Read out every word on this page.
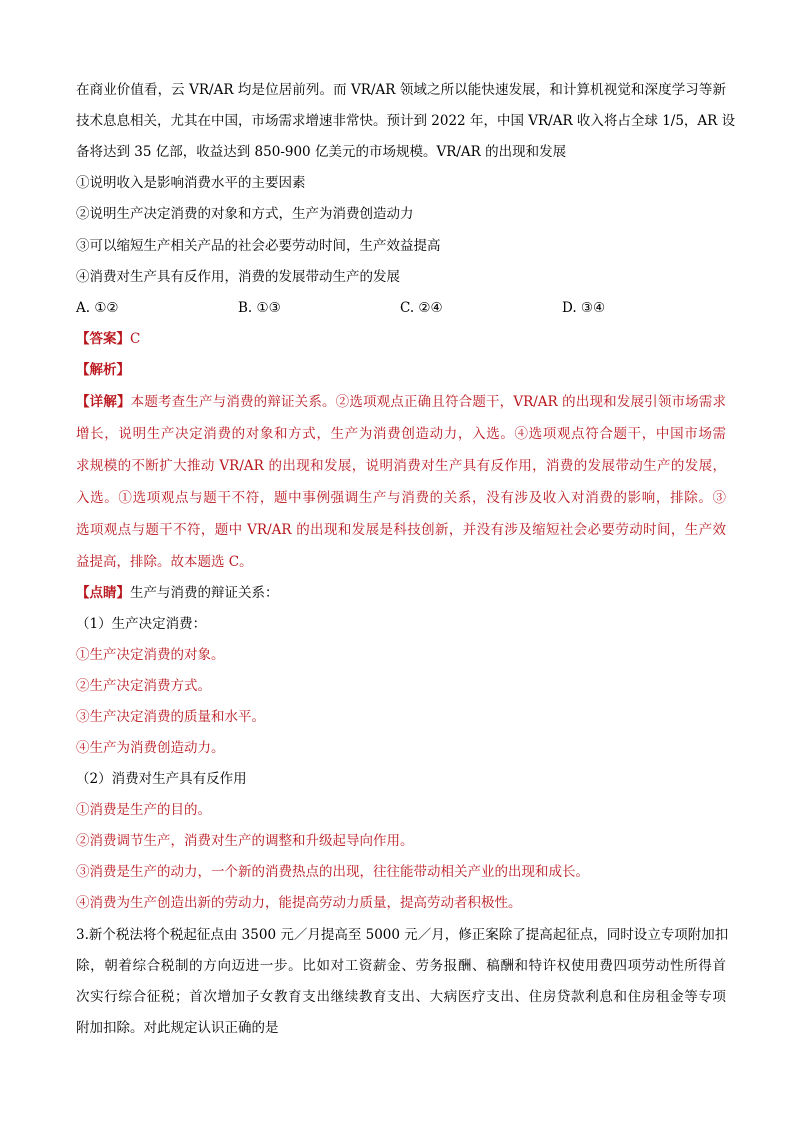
在商业价值看，云 VR/AR 均是位居前列。而 VR/AR 领域之所以能快速发展，和计算机视觉和深度学习等新
技术息息相关，尤其在中国，市场需求增速非常快。预计到 2022 年，中国 VR/AR 收入将占全球 1/5，AR 设
备将达到 35 亿部，收益达到 850-900 亿美元的市场规模。VR/AR 的出现和发展
①说明收入是影响消费水平的主要因素
②说明生产决定消费的对象和方式，生产为消费创造动力
③可以缩短生产相关产品的社会必要劳动时间，生产效益提高
④消费对生产具有反作用，消费的发展带动生产的发展
A. ①②	B. ①③	C. ②④	D. ③④
【答案】C
【解析】
【详解】本题考查生产与消费的辩证关系。②选项观点正确且符合题干，VR/AR 的出现和发展引领市场需求
增长，说明生产决定消费的对象和方式，生产为消费创造动力，入选。④选项观点符合题干，中国市场需
求规模的不断扩大推动 VR/AR 的出现和发展，说明消费对生产具有反作用，消费的发展带动生产的发展，
入选。①选项观点与题干不符，题中事例强调生产与消费的关系，没有涉及收入对消费的影响，排除。③
选项观点与题干不符，题中 VR/AR 的出现和发展是科技创新，并没有涉及缩短社会必要劳动时间，生产效
益提高，排除。故本题选 C。
【点睛】生产与消费的辩证关系：
（1）生产决定消费：
①生产决定消费的对象。
②生产决定消费方式。
③生产决定消费的质量和水平。
④生产为消费创造动力。
（2）消费对生产具有反作用
①消费是生产的目的。
②消费调节生产，消费对生产的调整和升级起导向作用。
③消费是生产的动力，一个新的消费热点的出现，往往能带动相关产业的出现和成长。
④消费为生产创造出新的劳动力，能提高劳动力质量，提高劳动者积极性。
3.新个税法将个税起征点由 3500 元／月提高至 5000 元／月，修正案除了提高起征点，同时设立专项附加扣
除，朝着综合税制的方向迈进一步。比如对工资薪金、劳务报酬、稿酬和特许权使用费四项劳动性所得首
次实行综合征税；首次增加子女教育支出继续教育支出、大病医疗支出、住房贷款利息和住房租金等专项
附加扣除。对此规定认识正确的是
